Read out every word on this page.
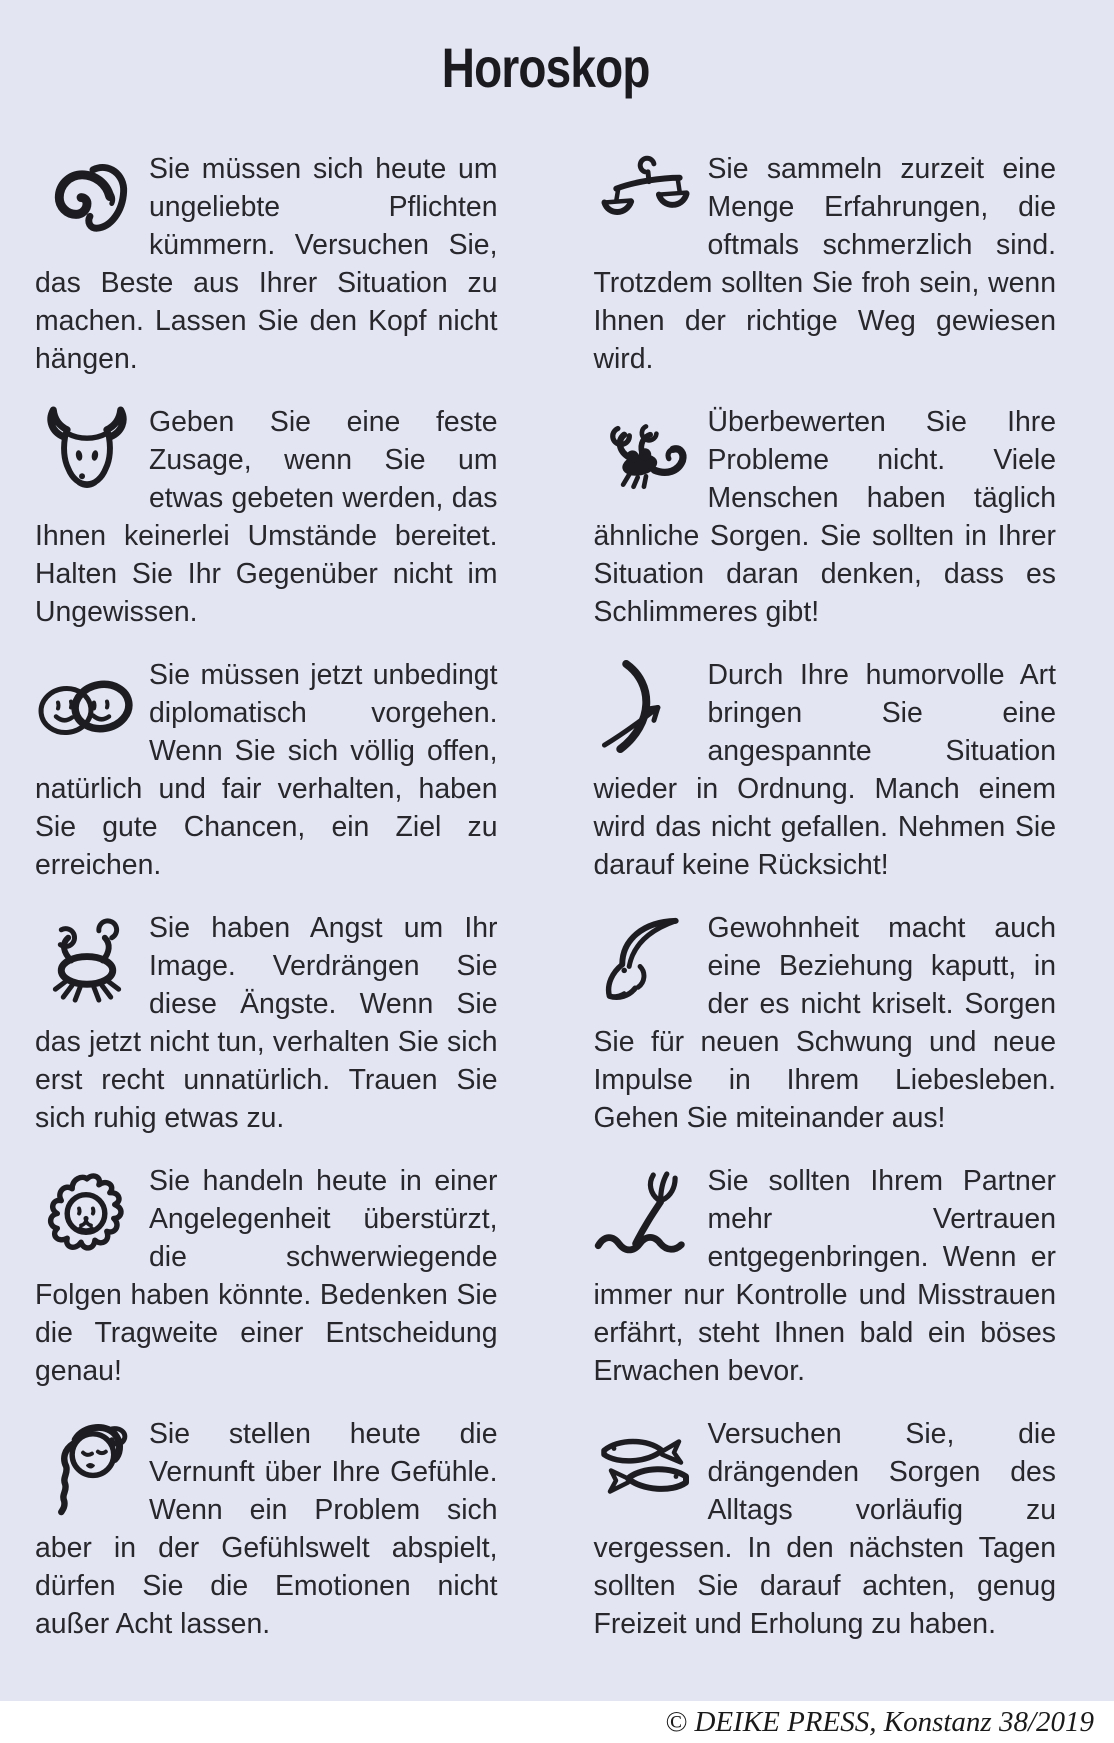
Horoskop

Sie müssen sich heute um ungeliebte Pflichten kümmern. Versuchen Sie, das Beste aus Ihrer Situation zu machen. Lassen Sie den Kopf nicht hängen.

Geben Sie eine feste Zusage, wenn Sie um etwas gebeten werden, das Ihnen keinerlei Umstände bereitet. Halten Sie Ihr Gegenüber nicht im Ungewissen.

Sie müssen jetzt unbedingt diplomatisch vorgehen. Wenn Sie sich völlig offen, natürlich und fair verhalten, haben Sie gute Chancen, ein Ziel zu erreichen.

Sie haben Angst um Ihr Image. Verdrängen Sie diese Ängste. Wenn Sie das jetzt nicht tun, verhalten Sie sich erst recht unnatürlich. Trauen Sie sich ruhig etwas zu.

Sie handeln heute in einer Angelegenheit überstürzt, die schwerwiegende Folgen haben könnte. Bedenken Sie die Tragweite einer Entscheidung genau!

Sie stellen heute die Vernunft über Ihre Gefühle. Wenn ein Problem sich aber in der Gefühlswelt abspielt, dürfen Sie die Emotionen nicht außer Acht lassen.

Sie sammeln zurzeit eine Menge Erfahrungen, die oftmals schmerzlich sind. Trotzdem sollten Sie froh sein, wenn Ihnen der richtige Weg gewiesen wird.

Überbewerten Sie Ihre Probleme nicht. Viele Menschen haben täglich ähnliche Sorgen. Sie sollten in Ihrer Situation daran denken, dass es Schlimmeres gibt!

Durch Ihre humorvolle Art bringen Sie eine angespannte Situation wieder in Ordnung. Manch einem wird das nicht gefallen. Nehmen Sie darauf keine Rücksicht!

Gewohnheit macht auch eine Beziehung kaputt, in der es nicht kriselt. Sorgen Sie für neuen Schwung und neue Impulse in Ihrem Liebesleben. Gehen Sie miteinander aus!

Sie sollten Ihrem Partner mehr Vertrauen entgegenbringen. Wenn er immer nur Kontrolle und Misstrauen erfährt, steht Ihnen bald ein böses Erwachen bevor.

Versuchen Sie, die drängenden Sorgen des Alltags vorläufig zu vergessen. In den nächsten Tagen sollten Sie darauf achten, genug Freizeit und Erholung zu haben.

© DEIKE PRESS, Konstanz 38/2019
